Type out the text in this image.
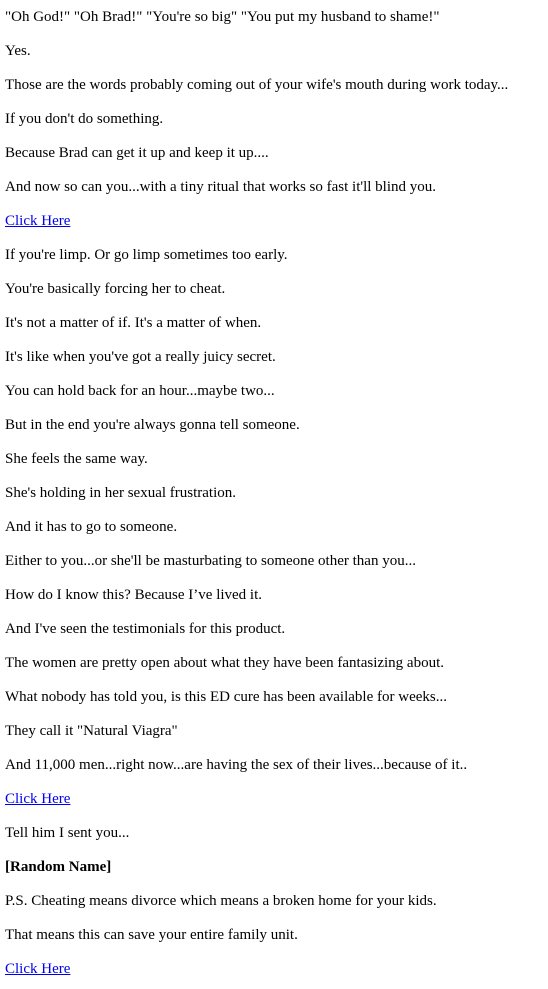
"Oh God!" "Oh Brad!" "You're so big" "You put my husband to shame!"

Yes.

Those are the words probably coming out of your wife's mouth during work today...

If you don't do something.

Because Brad can get it up and keep it up....

And now so can you...with a tiny ritual that works so fast it'll blind you.

Click Here

If you're limp. Or go limp sometimes too early.

You're basically forcing her to cheat.

It's not a matter of if. It's a matter of when.

It's like when you've got a really juicy secret.

You can hold back for an hour...maybe two...

But in the end you're always gonna tell someone.

She feels the same way.

She's holding in her sexual frustration.

And it has to go to someone.

Either to you...or she'll be masturbating to someone other than you...

How do I know this? Because I’ve lived it.

And I've seen the testimonials for this product.

The women are pretty open about what they have been fantasizing about.

What nobody has told you, is this ED cure has been available for weeks...

They call it "Natural Viagra"

And 11,000 men...right now...are having the sex of their lives...because of it..

Click Here

Tell him I sent you...

[Random Name]

P.S. Cheating means divorce which means a broken home for your kids.

That means this can save your entire family unit.

Click Here
